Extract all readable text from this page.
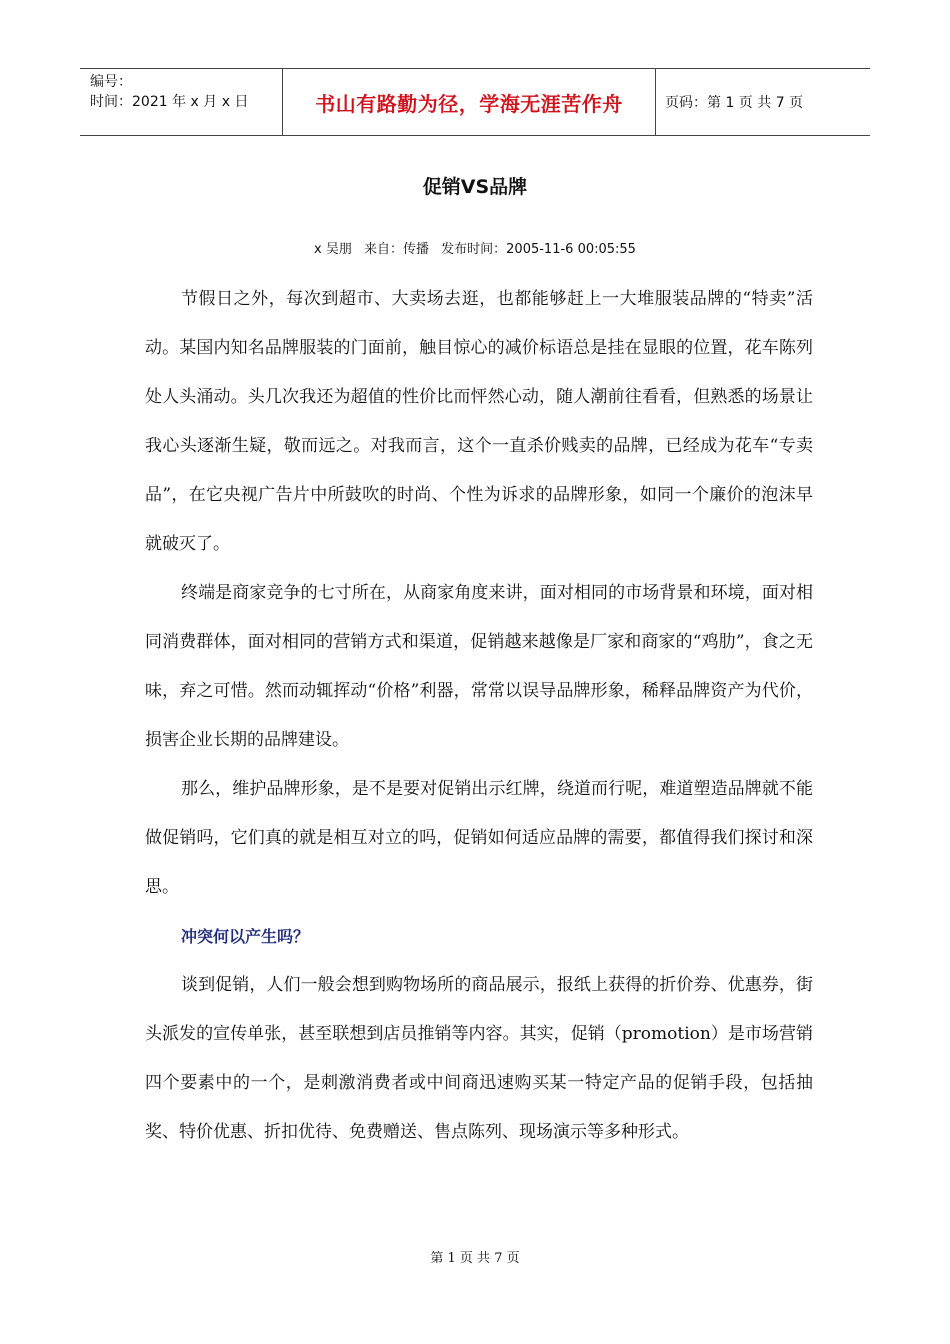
编号：
时间：2021 年 x 月 x 日	书山有路勤为径，学海无涯苦作舟	页码：第 1 页 共 7 页
促销VS品牌
x 吴朋 来自：传播 发布时间：2005-11-6 00:05:55

节假日之外，每次到超市、大卖场去逛，也都能够赶上一大堆服装品牌的“特卖”活动。某国内知名品牌服装的门面前，触目惊心的减价标语总是挂在显眼的位置，花车陈列处人头涌动。头几次我还为超值的性价比而怦然心动，随人潮前往看看，但熟悉的场景让我心头逐渐生疑，敬而远之。对我而言，这个一直杀价贱卖的品牌，已经成为花车“专卖品”，在它央视广告片中所鼓吹的时尚、个性为诉求的品牌形象，如同一个廉价的泡沫早就破灭了。

终端是商家竞争的七寸所在，从商家角度来讲，面对相同的市场背景和环境，面对相同消费群体，面对相同的营销方式和渠道，促销越来越像是厂家和商家的“鸡肋”，食之无味，弃之可惜。然而动辄挥动“价格”利器，常常以误导品牌形象，稀释品牌资产为代价，损害企业长期的品牌建设。

那么，维护品牌形象，是不是要对促销出示红牌，绕道而行呢，难道塑造品牌就不能做促销吗，它们真的就是相互对立的吗，促销如何适应品牌的需要，都值得我们探讨和深思。

冲突何以产生吗？

谈到促销，人们一般会想到购物场所的商品展示，报纸上获得的折价券、优惠券，街头派发的宣传单张，甚至联想到店员推销等内容。其实，促销（promotion）是市场营销四个要素中的一个，是刺激消费者或中间商迅速购买某一特定产品的促销手段，包括抽奖、特价优惠、折扣优待、免费赠送、售点陈列、现场演示等多种形式。

第 1 页 共 7 页
